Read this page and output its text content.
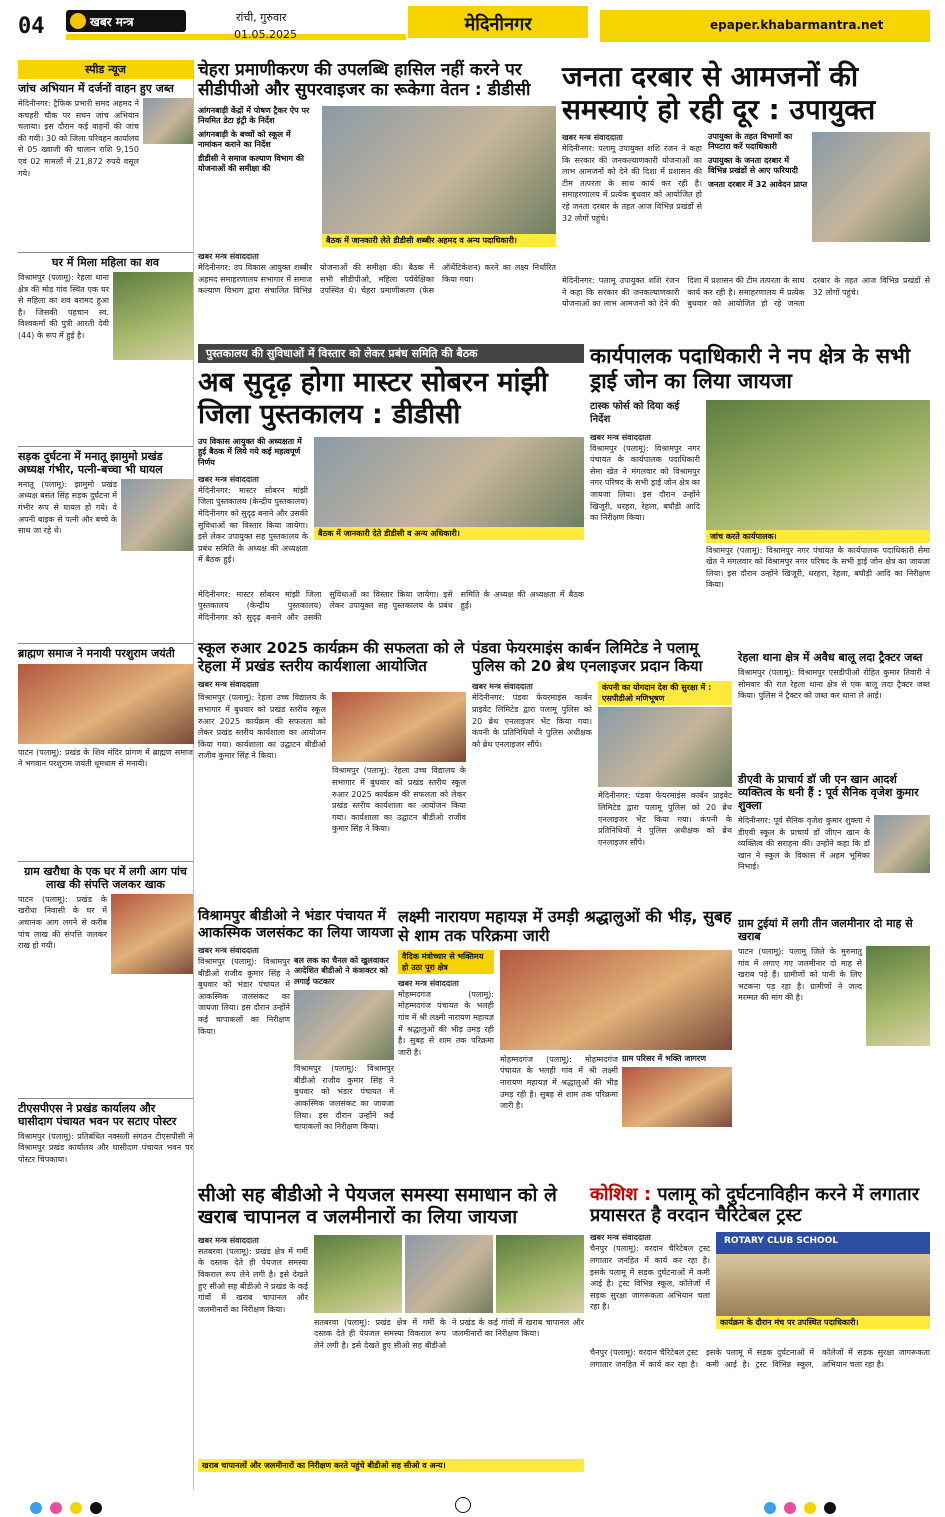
04	खबर मन्त्र	रांची, गुरुवार
01.05.2025	मेदिनीनगर	epaper.khabarmantra.net
स्पीड न्यूज
जांच अभियान में दर्जनों वाहन हुए जब्त
मेदिनीनगर: ट्रैफिक प्रभारी समद अहमद ने कचहरी चौक पर सघन जांच अभियान चलाया। इस दौरान कई वाहनों की जांच की गयी। 30 को जिला परिवहन कार्यालय से 05 ख्वाजी की चालान राशि 9,150 एवं 02 मामलों में 21,872 रुपये वसूल गये।
घर में मिला महिला का शव
विश्रामपुर (पलामू): रेहला थाना क्षेत्र की मोड़ गांव स्थित एक घर से महिला का शव बरामद हुआ है। जिसकी पहचान स्व. विश्वकर्मा की पुत्री आरती देवी (44) के रूप में हुई है।
सड़क दुर्घटना में मनातू झामुमो प्रखंड अध्यक्ष गंभीर, पत्नी-बच्चा भी घायल
मनातू (पलामू): झामुमो प्रखंड अध्यक्ष बसंत सिंह सड़क दुर्घटना में गंभीर रूप से घायल हो गये। वे अपनी बाइक से पत्नी और बच्चे के साथ जा रहे थे।
ब्राह्मण समाज ने मनायी परशुराम जयंती
पाटन (पलामू): प्रखंड के शिव मंदिर प्रांगण में ब्राह्मण समाज ने भगवान परशुराम जयंती धूमधाम से मनायी।
ग्राम खरौधा के एक घर में लगी आग पांच लाख की संपत्ति जलकर खाक
पाटन (पलामू): प्रखंड के खरौधा निवासी के घर में अचानक आग लगने से करीब पांच लाख की संपत्ति जलकर राख हो गयी।
टीएसपीएस ने प्रखंड कार्यालय और घासीदाग पंचायत भवन पर सटाए पोस्टर
विश्रामपुर (पलामू): प्रतिबंधित नक्सली संगठन टीएसपीसी ने विश्रामपुर प्रखंड कार्यालय और घासीदाग पंचायत भवन पर पोस्टर चिपकाया।
चेहरा प्रमाणीकरण की उपलब्धि हासिल नहीं करने पर सीडीपीओ और सुपरवाइजर का रूकेगा वेतन : डीडीसी
आंगनबाड़ी केंद्रों में पोषण ट्रैकर ऐप पर नियमित डेटा इंट्री के निर्देश
आंगनबाड़ी के बच्चों को स्कूल में नामांकन कराने का निर्देश
डीडीसी ने समाज कल्याण विभाग की योजनाओं की समीक्षा की
बैठक में जानकारी लेते डीडीसी शब्बीर अहमद व अन्य पदाधिकारी।
खबर मन्त्र संवाददाता
मेदिनीनगर: उप विकास आयुक्त शब्बीर अहमद समाहरणालय सभागार में समाज कल्याण विभाग द्वारा संचालित विभिन्न योजनाओं की समीक्षा की। बैठक में सभी सीडीपीओ, महिला पर्यवेक्षिका उपस्थित थे। चेहरा प्रमाणीकरण (फेस ऑथेंटिकेशन) करने का लक्ष्य निर्धारित किया गया।
जनता दरबार से आमजनों की समस्याएं हो रही दूर : उपायुक्त
खबर मन्त्र संवाददाता
मेदिनीनगर: पलामू उपायुक्त शशि रंजन ने कहा कि सरकार की जनकल्याणकारी योजनाओं का लाभ आमजनों को देने की दिशा में प्रशासन की टीम तत्परता के साथ कार्य कर रही है। समाहरणालय में प्रत्येक बुधवार को आयोजित हो रहे जनता दरबार के तहत आज विभिन्न प्रखंडों से 32 लोगों पहुंचे।
उपायुक्त के तहत विभागों का निपटारा करें पदाधिकारी
उपायुक्त के जनता दरबार में विभिन्न प्रखंडों से आए फरियादी
जनता दरबार में 32 आवेदन प्राप्त
मेदिनीनगर: पलामू उपायुक्त शशि रंजन ने कहा कि सरकार की जनकल्याणकारी योजनाओं का लाभ आमजनों को देने की दिशा में प्रशासन की टीम तत्परता के साथ कार्य कर रही है। समाहरणालय में प्रत्येक बुधवार को आयोजित हो रहे जनता दरबार के तहत आज विभिन्न प्रखंडों से 32 लोगों पहुंचे।
पुस्तकालय की सुविधाओं में विस्तार को लेकर प्रबंध समिति की बैठक
अब सुदृढ़ होगा मास्टर सोबरन मांझी जिला पुस्तकालय : डीडीसी
उप विकास आयुक्त की अध्यक्षता में हुई बैठक में लिये गये कई महत्वपूर्ण निर्णय
खबर मन्त्र संवाददाता
मेदिनीनगर: मास्टर सोबरन मांझी जिला पुस्तकालय (केन्द्रीय पुस्तकालय) मेदिनीनगर को सुदृढ़ बनाने और उसकी सुविधाओं का विस्तार किया जायेगा। इसे लेकर उपायुक्त सह पुस्तकालय के प्रबंध समिति के अध्यक्ष की अध्यक्षता में बैठक हुई।
बैठक में जानकारी देते डीडीसी व अन्य अधिकारी।
मेदिनीनगर: मास्टर सोबरन मांझी जिला पुस्तकालय (केन्द्रीय पुस्तकालय) मेदिनीनगर को सुदृढ़ बनाने और उसकी सुविधाओं का विस्तार किया जायेगा। इसे लेकर उपायुक्त सह पुस्तकालय के प्रबंध समिति के अध्यक्ष की अध्यक्षता में बैठक हुई।
कार्यपालक पदाधिकारी ने नप क्षेत्र के सभी ड्राई जोन का लिया जायजा
टास्क फोर्स को दिया कई निर्देश
खबर मन्त्र संवाददाता
विश्रामपुर (पलामू): विश्रामपुर नगर पंचायत के कार्यपालक पदाधिकारी सेमा खेत ने मंगलवार को विश्रामपुर नगर परिषद के सभी ड्राई जोन क्षेत्र का जायजा लिया। इस दौरान उन्होंने खिजूरी, धरहरा, रेहला, बघौड़ी आदि का निरीक्षण किया।
जांच करते कार्यपालक।
विश्रामपुर (पलामू): विश्रामपुर नगर पंचायत के कार्यपालक पदाधिकारी सेमा खेत ने मंगलवार को विश्रामपुर नगर परिषद के सभी ड्राई जोन क्षेत्र का जायजा लिया। इस दौरान उन्होंने खिजूरी, धरहरा, रेहला, बघौड़ी आदि का निरीक्षण किया।
स्कूल रुआर 2025 कार्यक्रम की सफलता को ले रेहला में प्रखंड स्तरीय कार्यशाला आयोजित
खबर मन्त्र संवाददाता
विश्रामपुर (पलामू): रेहला उच्च विद्यालय के सभागार में बुधवार को प्रखंड स्तरीय स्कूल रुआर 2025 कार्यक्रम की सफलता को लेकर प्रखंड स्तरीय कार्यशाला का आयोजन किया गया। कार्यशाला का उद्घाटन बीडीओ राजीव कुमार सिंह ने किया।
विश्रामपुर (पलामू): रेहला उच्च विद्यालय के सभागार में बुधवार को प्रखंड स्तरीय स्कूल रुआर 2025 कार्यक्रम की सफलता को लेकर प्रखंड स्तरीय कार्यशाला का आयोजन किया गया। कार्यशाला का उद्घाटन बीडीओ राजीव कुमार सिंह ने किया।
पंडवा फेयरमाइंस कार्बन लिमिटेड ने पलामू पुलिस को 20 ब्रेथ एनलाइजर प्रदान किया
खबर मन्त्र संवाददाता
मेदिनीनगर: पंडवा फेयरमाइंस कार्बन प्राइवेट लिमिटेड द्वारा पलामू पुलिस को 20 ब्रेथ एनलाइजर भेंट किया गया। कंपनी के प्रतिनिधियों ने पुलिस अधीक्षक को ब्रेथ एनलाइजर सौंपे।
कंपनी का योगदान देश की सुरक्षा में : एसपीडीओ मणिभूषण
मेदिनीनगर: पंडवा फेयरमाइंस कार्बन प्राइवेट लिमिटेड द्वारा पलामू पुलिस को 20 ब्रेथ एनलाइजर भेंट किया गया। कंपनी के प्रतिनिधियों ने पुलिस अधीक्षक को ब्रेथ एनलाइजर सौंपे।
रेहला थाना क्षेत्र में अवैध बालू लदा ट्रैक्टर जब्त
विश्रामपुर (पलामू): विश्रामपुर एसडीपीओ रोहित कुमार तिवारी ने सोमवार की रात रेहला थाना क्षेत्र से एक बालू लदा ट्रैक्टर जब्त किया। पुलिस ने ट्रैक्टर को जब्त कर थाना ले आई।
डीएवी के प्राचार्य डॉ जी एन खान आदर्श व्यक्तित्व के धनी हैं : पूर्व सैनिक वृजेश कुमार शुक्ला
मेदिनीनगर: पूर्व सैनिक वृजेश कुमार शुक्ला ने डीएवी स्कूल के प्राचार्य डॉ जीएन खान के व्यक्तित्व की सराहना की। उन्होंने कहा कि डॉ खान ने स्कूल के विकास में अहम भूमिका निभाई।
ग्राम टुईयां में लगी तीन जलमीनार दो माह से खराब
पाटन (पलामू): पलामू जिले के मुरुमातु गांव में लगाए गए जलमीनार दो माह से खराब पड़े हैं। ग्रामीणों को पानी के लिए भटकना पड़ रहा है। ग्रामीणों ने जल्द मरम्मत की मांग की है।
विश्रामपुर बीडीओ ने भंडार पंचायत में आकस्मिक जलसंकट का लिया जायजा
खबर मन्त्र संवाददाता
विश्रामपुर (पलामू): विश्रामपुर बीडीओ राजीव कुमार सिंह ने बुधवार को भंडार पंचायत में आकस्मिक जलसंकट का जायजा लिया। इस दौरान उन्होंने कई चापाकलों का निरीक्षण किया।
बल लक का चैनल को खुलवाकर आदेशित बीडीओ ने कंत्राक्टर को लगाई फटकार
विश्रामपुर (पलामू): विश्रामपुर बीडीओ राजीव कुमार सिंह ने बुधवार को भंडार पंचायत में आकस्मिक जलसंकट का जायजा लिया। इस दौरान उन्होंने कई चापाकलों का निरीक्षण किया।
लक्ष्मी नारायण महायज्ञ में उमड़ी श्रद्धालुओं की भीड़, सुबह से शाम तक परिक्रमा जारी
वैदिक मंत्रोच्चार से भक्तिमय हो उठा पूरा क्षेत्र
खबर मन्त्र संवाददाता
मोहम्मदगंज (पलामू): मोहम्मदगंज पंचायत के भलही गांव में श्री लक्ष्मी नारायण महायज्ञ में श्रद्धालुओं की भीड़ उमड़ रही है। सुबह से शाम तक परिक्रमा जारी है।
मोहम्मदगंज (पलामू): मोहम्मदगंज पंचायत के भलही गांव में श्री लक्ष्मी नारायण महायज्ञ में श्रद्धालुओं की भीड़ उमड़ रही है। सुबह से शाम तक परिक्रमा जारी है।
ग्राम परिसर में भक्ति जागरण
सीओ सह बीडीओ ने पेयजल समस्या समाधान को ले खराब चापानल व जलमीनारों का लिया जायजा
खबर मन्त्र संवाददाता
सतबरवा (पलामू): प्रखंड क्षेत्र में गर्मी के दस्तक देते ही पेयजल समस्या विकराल रूप लेने लगी है। इसे देखते हुए सीओ सह बीडीओ ने प्रखंड के कई गांवों में खराब चापानल और जलमीनारों का निरीक्षण किया।
सतबरवा (पलामू): प्रखंड क्षेत्र में गर्मी के दस्तक देते ही पेयजल समस्या विकराल रूप लेने लगी है। इसे देखते हुए सीओ सह बीडीओ ने प्रखंड के कई गांवों में खराब चापानल और जलमीनारों का निरीक्षण किया।
खराब चापानलों और जलमीनारों का निरीक्षण करते पहुंचे बीडीओ सह सीओ व अन्य।
कोशिश : पलामू को दुर्घटनाविहीन करने में लगातार प्रयासरत है वरदान चैरिटेबल ट्रस्ट
खबर मन्त्र संवाददाता
चैनपुर (पलामू): वरदान चैरिटेबल ट्रस्ट लगातार जनहित में कार्य कर रहा है। इसके पलामू में सड़क दुर्घटनाओं में कमी आई है। ट्रस्ट विभिन्न स्कूल, कॉलेजों में सड़क सुरक्षा जागरूकता अभियान चला रहा है।
ROTARY CLUB SCHOOL
कार्यक्रम के दौरान मंच पर उपस्थित पदाधिकारी।
चैनपुर (पलामू): वरदान चैरिटेबल ट्रस्ट लगातार जनहित में कार्य कर रहा है। इसके पलामू में सड़क दुर्घटनाओं में कमी आई है। ट्रस्ट विभिन्न स्कूल, कॉलेजों में सड़क सुरक्षा जागरूकता अभियान चला रहा है।
